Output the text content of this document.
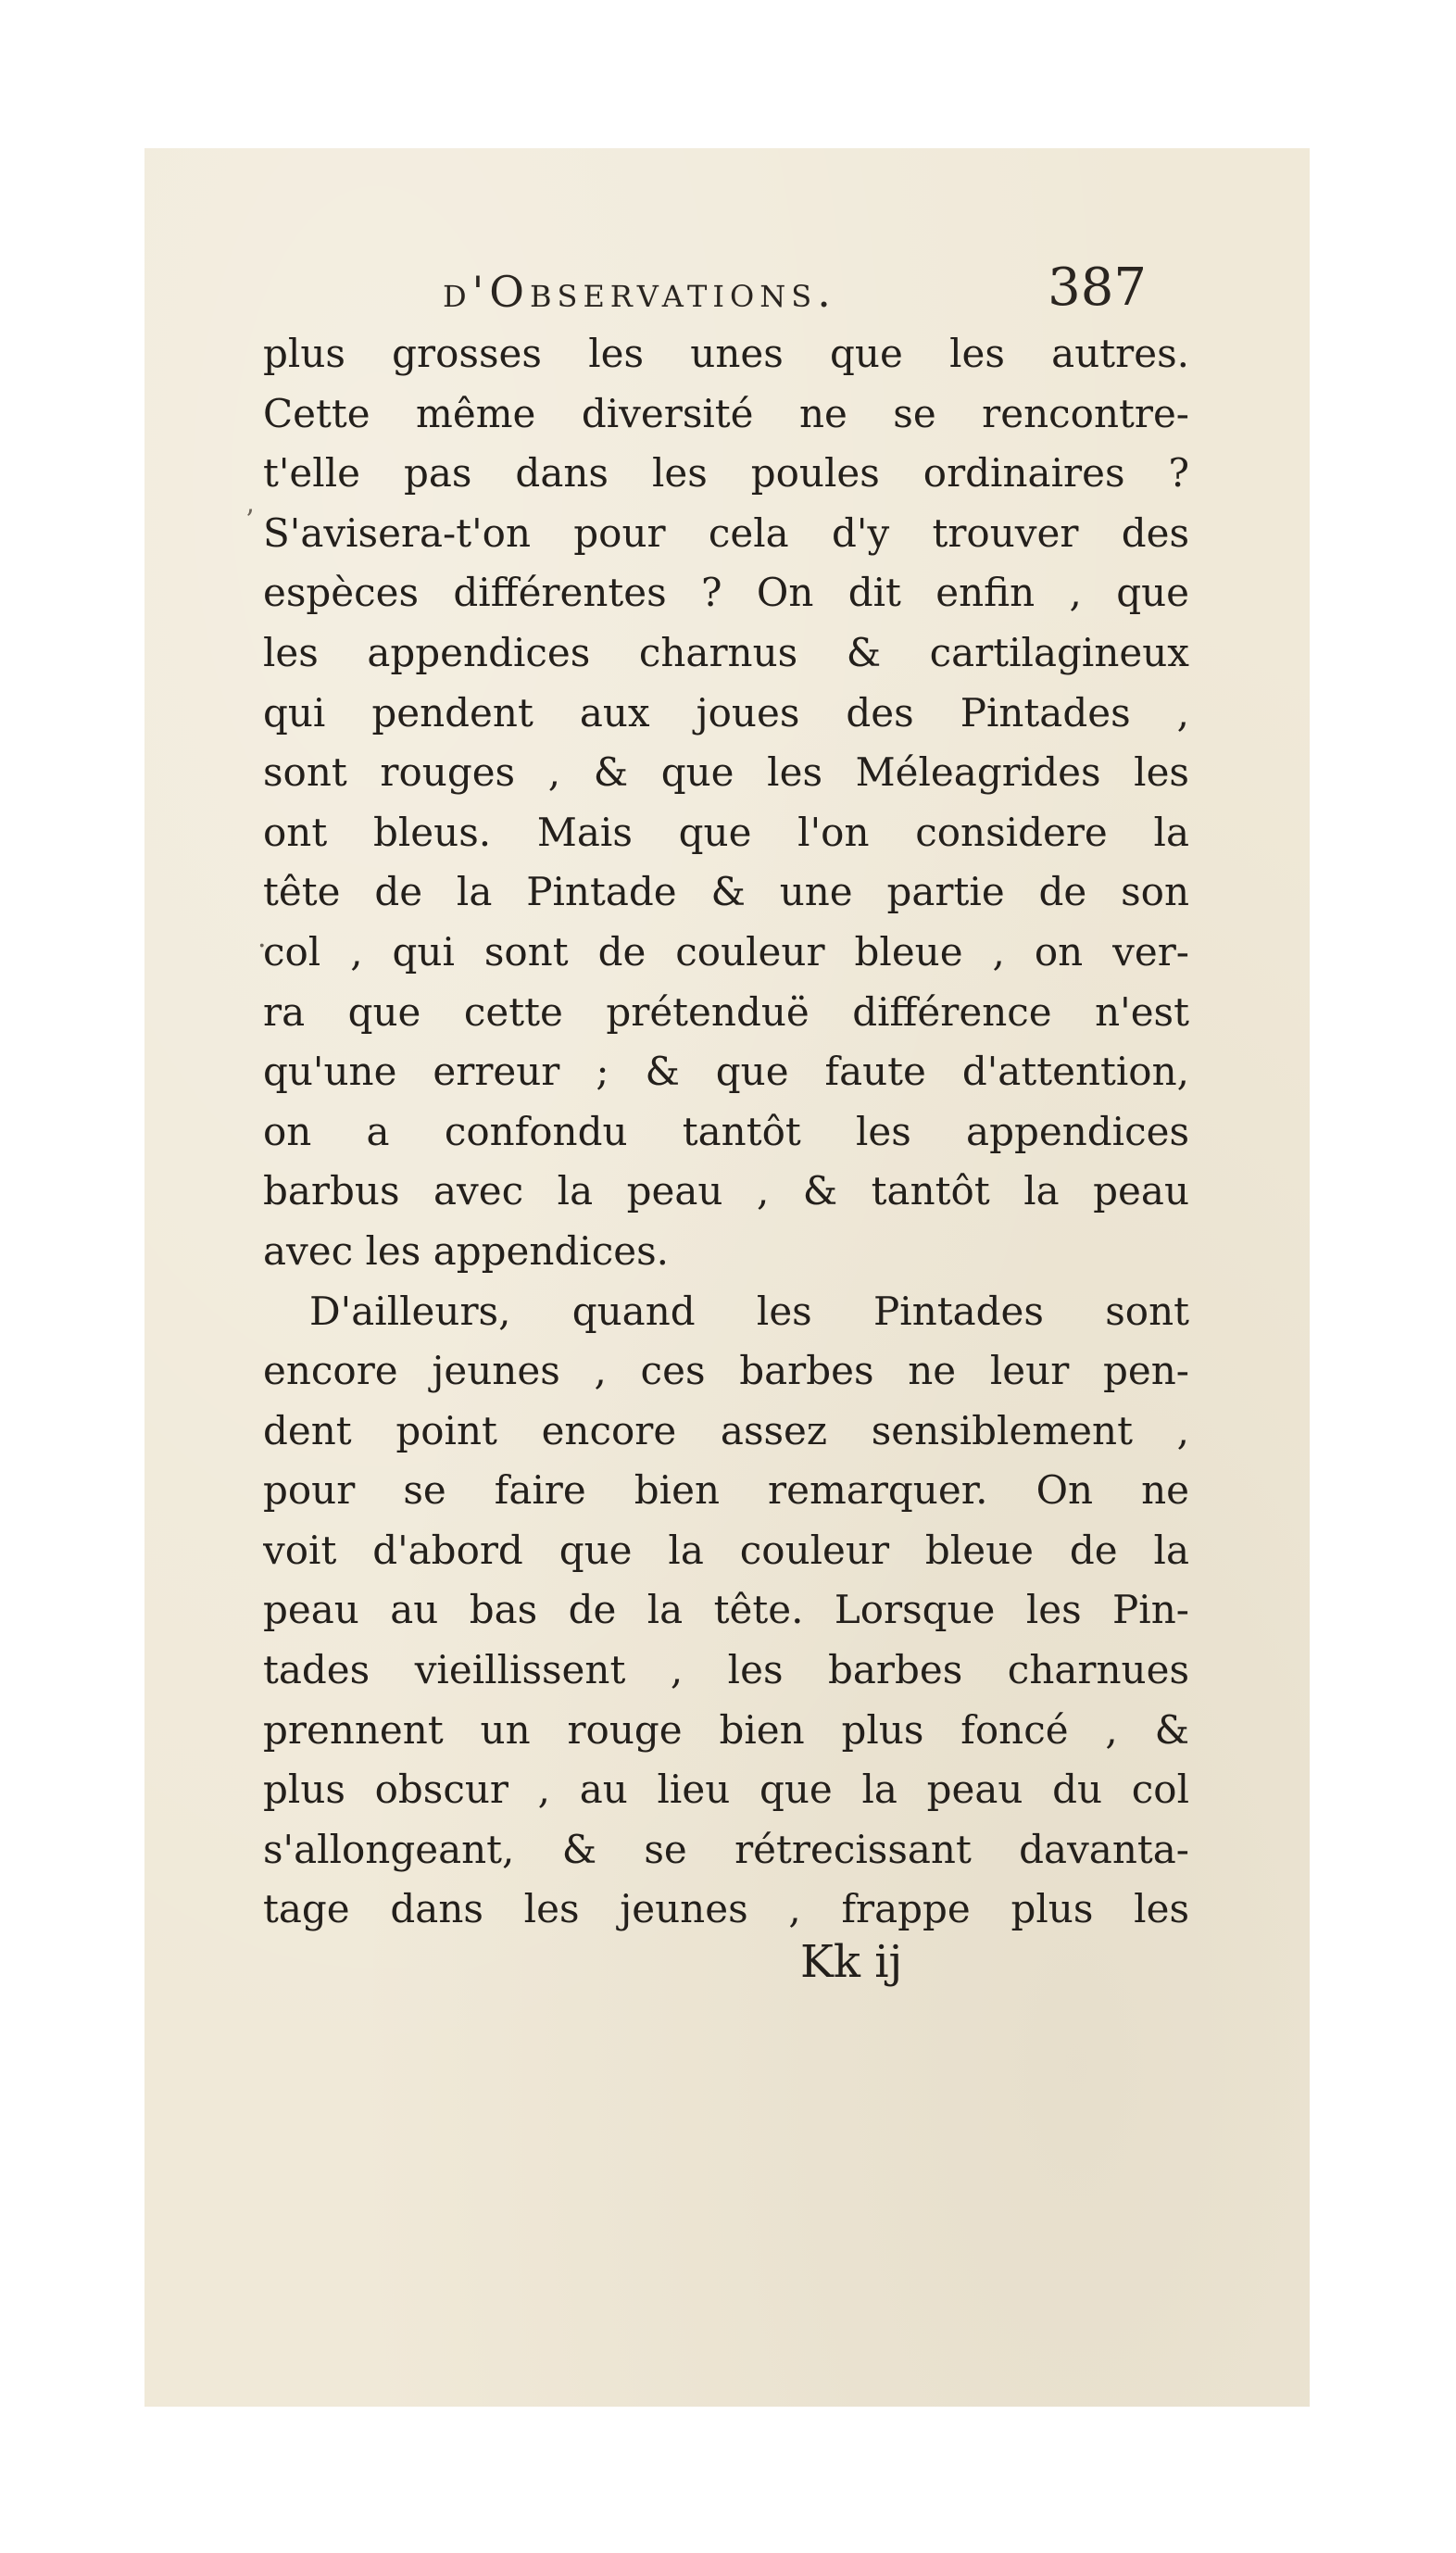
d'Observations.	387
ʼ
.
plus grosses les unes que les autres.
Cette même diversité ne se rencontre-
t'elle pas dans les poules ordinaires ?
S'avisera-t'on pour cela d'y trouver des
espèces différentes ? On dit enfin , que
les appendices charnus & cartilagineux
qui pendent aux joues des Pintades ,
sont rouges , & que les Méleagrides les
ont bleus. Mais que l'on considere la
tête de la Pintade & une partie de son
col , qui sont de couleur bleue , on ver-
ra que cette prétenduë différence n'est
qu'une erreur ; & que faute d'attention,
on a confondu tantôt les appendices
barbus avec la peau , & tantôt la peau
avec les appendices.
D'ailleurs, quand les Pintades sont
encore jeunes , ces barbes ne leur pen-
dent point encore assez sensiblement ,
pour se faire bien remarquer. On ne
voit d'abord que la couleur bleue de la
peau au bas de la tête. Lorsque les Pin-
tades vieillissent , les barbes charnues
prennent un rouge bien plus foncé , &
plus obscur , au lieu que la peau du col
s'allongeant, & se rétrecissant davanta-
tage dans les jeunes , frappe plus les
Kk ij
